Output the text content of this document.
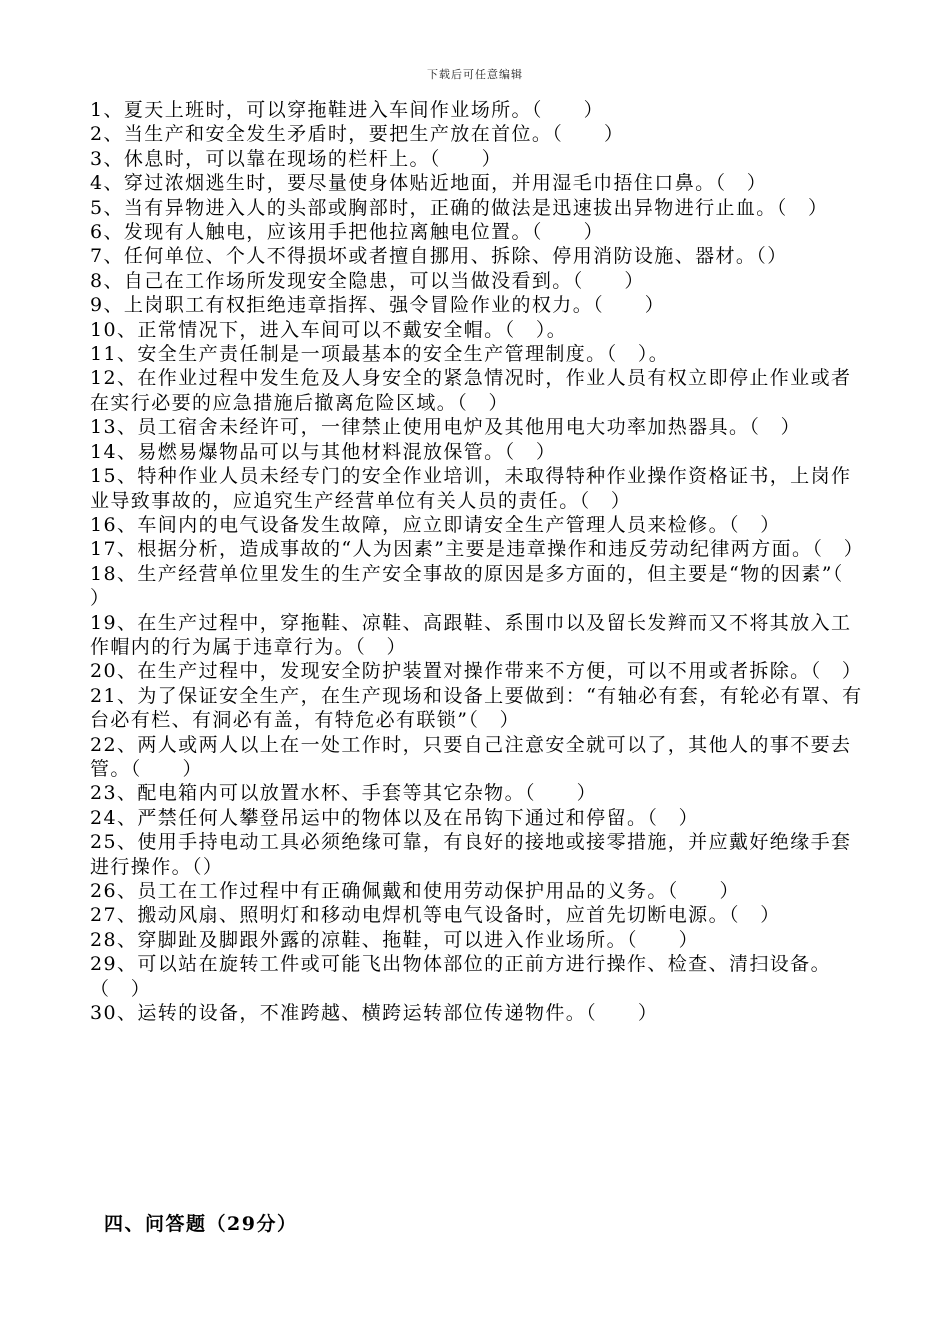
下载后可任意编辑
1、夏天上班时，可以穿拖鞋进入车间作业场所。（　　）
2、当生产和安全发生矛盾时，要把生产放在首位。（　　）
3、休息时，可以靠在现场的栏杆上。（　　）
4、穿过浓烟逃生时，要尽量使身体贴近地面，并用湿毛巾捂住口鼻。（　）
5、当有异物进入人的头部或胸部时，正确的做法是迅速拔出异物进行止血。（　）
6、发现有人触电，应该用手把他拉离触电位置。（　　）
7、任何单位、个人不得损坏或者擅自挪用、拆除、停用消防设施、器材。（）
8、自己在工作场所发现安全隐患，可以当做没看到。（　　）
9、上岗职工有权拒绝违章指挥、强令冒险作业的权力。（　　）
10、正常情况下，进入车间可以不戴安全帽。（　）。
11、安全生产责任制是一项最基本的安全生产管理制度。（　）。
12、在作业过程中发生危及人身安全的紧急情况时，作业人员有权立即停止作业或者在实行必要的应急措施后撤离危险区域。（　）
13、员工宿舍未经许可，一律禁止使用电炉及其他用电大功率加热器具。（　）
14、易燃易爆物品可以与其他材料混放保管。（　）
15、特种作业人员未经专门的安全作业培训，未取得特种作业操作资格证书，上岗作业导致事故的，应追究生产经营单位有关人员的责任。（　）
16、车间内的电气设备发生故障，应立即请安全生产管理人员来检修。（　）
17、根据分析，造成事故的“人为因素”主要是违章操作和违反劳动纪律两方面。（　）
18、生产经营单位里发生的生产安全事故的原因是多方面的，但主要是“物的因素”（　　）
19、在生产过程中，穿拖鞋、凉鞋、高跟鞋、系围巾以及留长发辫而又不将其放入工作帽内的行为属于违章行为。（　）
20、在生产过程中，发现安全防护装置对操作带来不方便，可以不用或者拆除。（　）
21、为了保证安全生产，在生产现场和设备上要做到：“有轴必有套，有轮必有罩、有台必有栏、有洞必有盖，有特危必有联锁”（　）
22、两人或两人以上在一处工作时，只要自己注意安全就可以了，其他人的事不要去管。（　　）
23、配电箱内可以放置水杯、手套等其它杂物。（　　）
24、严禁任何人攀登吊运中的物体以及在吊钩下通过和停留。（　）
25、使用手持电动工具必须绝缘可靠，有良好的接地或接零措施，并应戴好绝缘手套进行操作。（）
26、员工在工作过程中有正确佩戴和使用劳动保护用品的义务。（　　）
27、搬动风扇、照明灯和移动电焊机等电气设备时，应首先切断电源。（　）
28、穿脚趾及脚跟外露的凉鞋、拖鞋，可以进入作业场所。（　　）
29、可以站在旋转工件或可能飞出物体部位的正前方进行操作、检查、清扫设备。（　）
30、运转的设备，不准跨越、横跨运转部位传递物件。（　　）
四、问答题（29分）
